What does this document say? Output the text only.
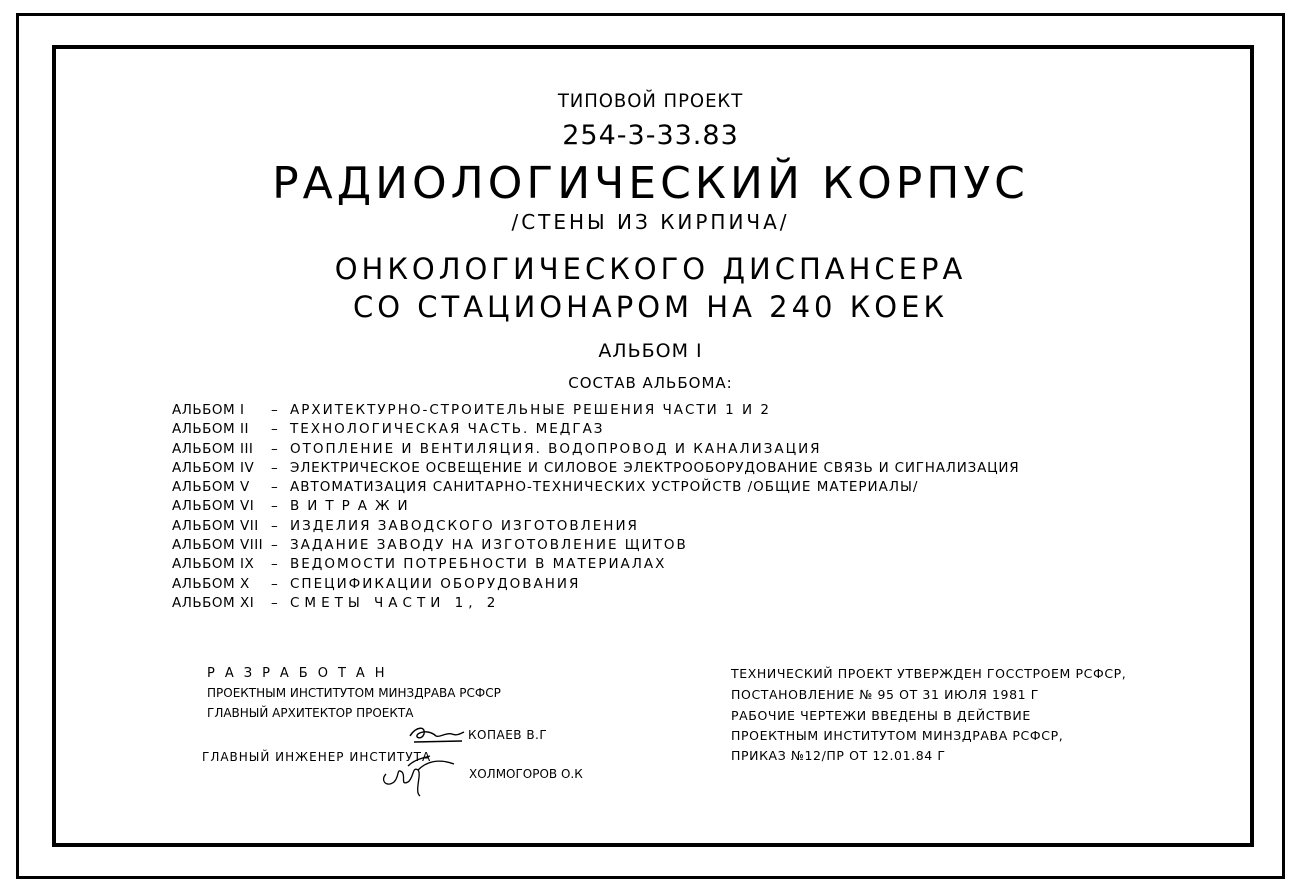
ТИПОВОЙ ПРОЕКТ
254-3-33.83
РАДИОЛОГИЧЕСКИЙ КОРПУС
/СТЕНЫ ИЗ КИРПИЧА/
ОНКОЛОГИЧЕСКОГО ДИСПАНСЕРА
СО СТАЦИОНАРОМ НА 240 КОЕК
АЛЬБОМ I
СОСТАВ АЛЬБОМА:
АЛЬБОМ I – АРХИТЕКТУРНО-СТРОИТЕЛЬНЫЕ РЕШЕНИЯ ЧАСТИ 1 И 2
АЛЬБОМ II – ТЕХНОЛОГИЧЕСКАЯ ЧАСТЬ. МЕДГАЗ
АЛЬБОМ III – ОТОПЛЕНИЕ И ВЕНТИЛЯЦИЯ. ВОДОПРОВОД И КАНАЛИЗАЦИЯ
АЛЬБОМ IV – ЭЛЕКТРИЧЕСКОЕ ОСВЕЩЕНИЕ И СИЛОВОЕ ЭЛЕКТРООБОРУДОВАНИЕ СВЯЗЬ И СИГНАЛИЗАЦИЯ
АЛЬБОМ V – АВТОМАТИЗАЦИЯ САНИТАРНО-ТЕХНИЧЕСКИХ УСТРОЙСТВ /ОБЩИЕ МАТЕРИАЛЫ/
АЛЬБОМ VI – ВИТРАЖИ
АЛЬБОМ VII – ИЗДЕЛИЯ ЗАВОДСКОГО ИЗГОТОВЛЕНИЯ
АЛЬБОМ VIII – ЗАДАНИЕ ЗАВОДУ НА ИЗГОТОВЛЕНИЕ ЩИТОВ
АЛЬБОМ IX – ВЕДОМОСТИ ПОТРЕБНОСТИ В МАТЕРИАЛАХ
АЛЬБОМ X – СПЕЦИФИКАЦИИ ОБОРУДОВАНИЯ
АЛЬБОМ XI – СМЕТЫ ЧАСТИ 1, 2
РАЗРАБОТАН
ПРОЕКТНЫМ ИНСТИТУТОМ МИНЗДРАВА РСФСР
ГЛАВНЫЙ АРХИТЕКТОР ПРОЕКТА
КОПАЕВ В.Г
ГЛАВНЫЙ ИНЖЕНЕР ИНСТИТУТА
ХОЛМОГОРОВ О.К
ТЕХНИЧЕСКИЙ ПРОЕКТ УТВЕРЖДЕН ГОССТРОЕМ РСФСР,
ПОСТАНОВЛЕНИЕ № 95 ОТ 31 ИЮЛЯ 1981 Г
РАБОЧИЕ ЧЕРТЕЖИ ВВЕДЕНЫ В ДЕЙСТВИЕ
ПРОЕКТНЫМ ИНСТИТУТОМ МИНЗДРАВА РСФСР,
ПРИКАЗ №12/ПР ОТ 12.01.84 Г
